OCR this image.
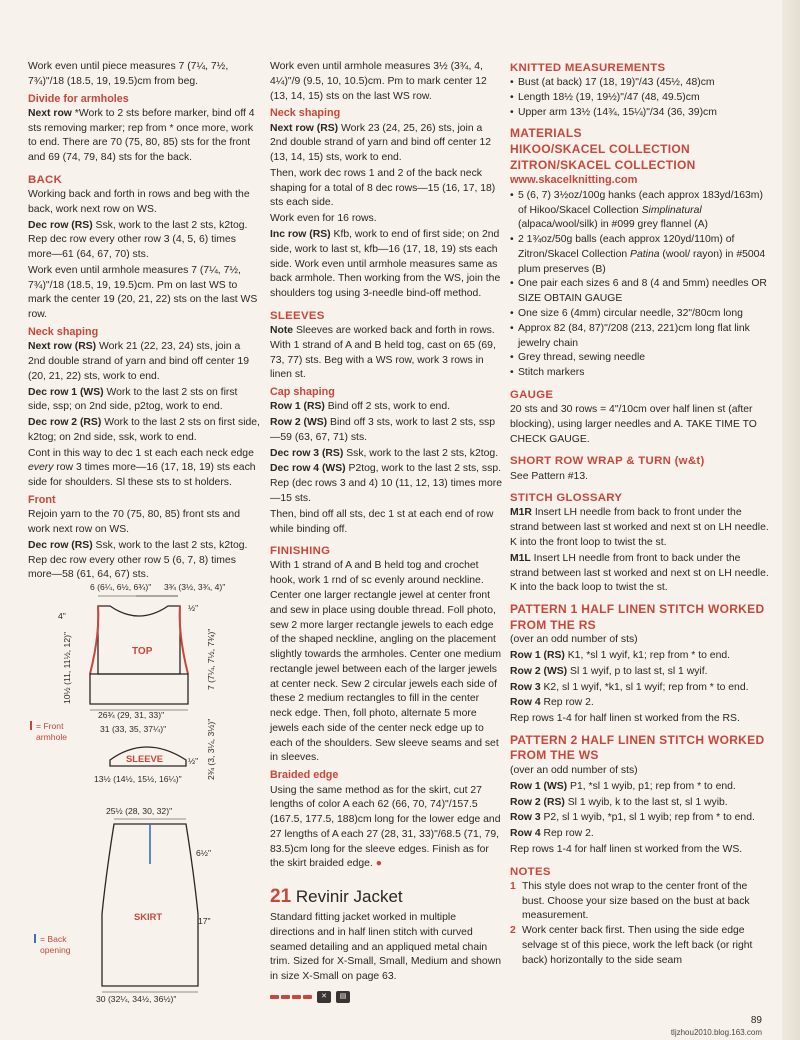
Work even until piece measures 7 (7¼, 7½, 7¾)"/18 (18.5, 19, 19.5)cm from beg.

Divide for armholes

Next row *Work to 2 sts before marker, bind off 4 sts removing marker; rep from * once more, work to end. There are 70 (75, 80, 85) sts for the front and 69 (74, 79, 84) sts for the back.

BACK

Working back and forth in rows and beg with the back, work next row on WS.

Dec row (RS) Ssk, work to the last 2 sts, k2tog. Rep dec row every other row 3 (4, 5, 6) times more—61 (64, 67, 70) sts.

Work even until armhole measures 7 (7¼, 7½, 7¾)"/18 (18.5, 19, 19.5)cm. Pm on last WS to mark the center 19 (20, 21, 22) sts on the last WS row.

Neck shaping

Next row (RS) Work 21 (22, 23, 24) sts, join a 2nd double strand of yarn and bind off center 19 (20, 21, 22) sts, work to end.

Dec row 1 (WS) Work to the last 2 sts on first side, ssp; on 2nd side, p2tog, work to end.

Dec row 2 (RS) Work to the last 2 sts on first side, k2tog; on 2nd side, ssk, work to end.

Cont in this way to dec 1 st each each neck edge every row 3 times more—16 (17, 18, 19) sts each side for shoulders. Sl these sts to st holders.

Front

Rejoin yarn to the 70 (75, 80, 85) front sts and work next row on WS.

Dec row (RS) Ssk, work to the last 2 sts, k2tog. Rep dec row every other row 5 (6, 7, 8) times more—58 (61, 64, 67) sts.

6 (6¼, 6½, 6¾)" 3¾ (3½, 3¾, 4)"
4"
½"
10½ (11, 11½, 12)"	7 (7¼, 7½, 7¾)"
TOP
26¾ (29, 31, 33)"
= Front
armhole
31 (33, 35, 37¼)"
SLEEVE	½" 2¾ (3, 3¼, 3½)"
13½ (14½, 15½, 16¼)"
25½ (28, 30, 32)"
6½"
SKIRT	17"
30 (32¼, 34½, 36½)"
= Back
opening

Work even until armhole measures 3½ (3¾, 4, 4¼)"/9 (9.5, 10, 10.5)cm. Pm to mark center 12 (13, 14, 15) sts on the last WS row.

Neck shaping

Next row (RS) Work 23 (24, 25, 26) sts, join a 2nd double strand of yarn and bind off center 12 (13, 14, 15) sts, work to end.

Then, work dec rows 1 and 2 of the back neck shaping for a total of 8 dec rows—15 (16, 17, 18) sts each side.

Work even for 16 rows.

Inc row (RS) Kfb, work to end of first side; on 2nd side, work to last st, kfb—16 (17, 18, 19) sts each side. Work even until armhole measures same as back armhole. Then working from the WS, join the shoulders tog using 3-needle bind-off method.

SLEEVES

Note Sleeves are worked back and forth in rows. With 1 strand of A and B held tog, cast on 65 (69, 73, 77) sts. Beg with a WS row, work 3 rows in linen st.

Cap shaping

Row 1 (RS) Bind off 2 sts, work to end.

Row 2 (WS) Bind off 3 sts, work to last 2 sts, ssp—59 (63, 67, 71) sts.

Dec row 3 (RS) Ssk, work to the last 2 sts, k2tog.

Dec row 4 (WS) P2tog, work to the last 2 sts, ssp. Rep (dec rows 3 and 4) 10 (11, 12, 13) times more—15 sts.

Then, bind off all sts, dec 1 st at each end of row while binding off.

FINISHING

With 1 strand of A and B held tog and crochet hook, work 1 rnd of sc evenly around neckline. Center one larger rectangle jewel at center front and sew in place using double thread. Foll photo, sew 2 more larger rectangle jewels to each edge of the shaped neckline, angling on the placement slightly towards the armholes. Center one medium rectangle jewel between each of the larger jewels at center neck. Sew 2 circular jewels each side of these 2 medium rectangles to fill in the center neck edge. Then, foll photo, alternate 5 more jewels each side of the center neck edge up to each of the shoulders. Sew sleeve seams and set in sleeves.

Braided edge

Using the same method as for the skirt, cut 27 lengths of color A each 62 (66, 70, 74)"/157.5 (167.5, 177.5, 188)cm long for the lower edge and 27 lengths of A each 27 (28, 31, 33)"/68.5 (71, 79, 83.5)cm long for the sleeve edges. Finish as for the skirt braided edge. ●

21 Revinir Jacket

Standard fitting jacket worked in multiple directions and in half linen stitch with curved seamed detailing and an appliqued metal chain trim. Sized for X-Small, Small, Medium and shown in size X-Small on page 63.

✕	▤
KNITTED MEASUREMENTS
• Bust (at back) 17 (18, 19)"/43 (45½, 48)cm
• Length 18½ (19, 19½)"/47 (48, 49.5)cm
• Upper arm 13½ (14¾, 15¼)"/34 (36, 39)cm
MATERIALS
HIKOO/SKACEL COLLECTION
ZITRON/SKACEL COLLECTION
www.skacelknitting.com
• 5 (6, 7) 3½oz/100g hanks (each approx 183yd/163m) of Hikoo/Skacel Collection Simplinatural (alpaca/wool/silk) in #099 grey flannel (A)
• 2 1¾oz/50g balls (each approx 120yd/110m) of Zitron/Skacel Collection Patina (wool/ rayon) in #5004 plum preserves (B)
• One pair each sizes 6 and 8 (4 and 5mm) needles OR SIZE OBTAIN GAUGE
• One size 6 (4mm) circular needle, 32"/80cm long
• Approx 82 (84, 87)"/208 (213, 221)cm long flat link jewelry chain
• Grey thread, sewing needle
• Stitch markers
GAUGE

20 sts and 30 rows = 4"/10cm over half linen st (after blocking), using larger needles and A. TAKE TIME TO CHECK GAUGE.

SHORT ROW WRAP & TURN (w&t)

See Pattern #13.

STITCH GLOSSARY

M1R Insert LH needle from back to front under the strand between last st worked and next st on LH needle. K into the front loop to twist the st.

M1L Insert LH needle from front to back under the strand between last st worked and next st on LH needle. K into the back loop to twist the st.

PATTERN 1 HALF LINEN STITCH WORKED FROM THE RS

(over an odd number of sts)

Row 1 (RS) K1, *sl 1 wyif, k1; rep from * to end.

Row 2 (WS) Sl 1 wyif, p to last st, sl 1 wyif.

Row 3 K2, sl 1 wyif, *k1, sl 1 wyif; rep from * to end.

Row 4 Rep row 2.

Rep rows 1-4 for half linen st worked from the RS.

PATTERN 2 HALF LINEN STITCH WORKED FROM THE WS

(over an odd number of sts)

Row 1 (WS) P1, *sl 1 wyib, p1; rep from * to end.

Row 2 (RS) Sl 1 wyib, k to the last st, sl 1 wyib.

Row 3 P2, sl 1 wyib, *p1, sl 1 wyib; rep from * to end.

Row 4 Rep row 2.

Rep rows 1-4 for half linen st worked from the WS.

NOTES
1 This style does not wrap to the center front of the bust. Choose your size based on the bust at back measurement.
2 Work center back first. Then using the side edge selvage st of this piece, work the left back (or right back) horizontally to the side seam
89
tljzhou2010.blog.163.com
